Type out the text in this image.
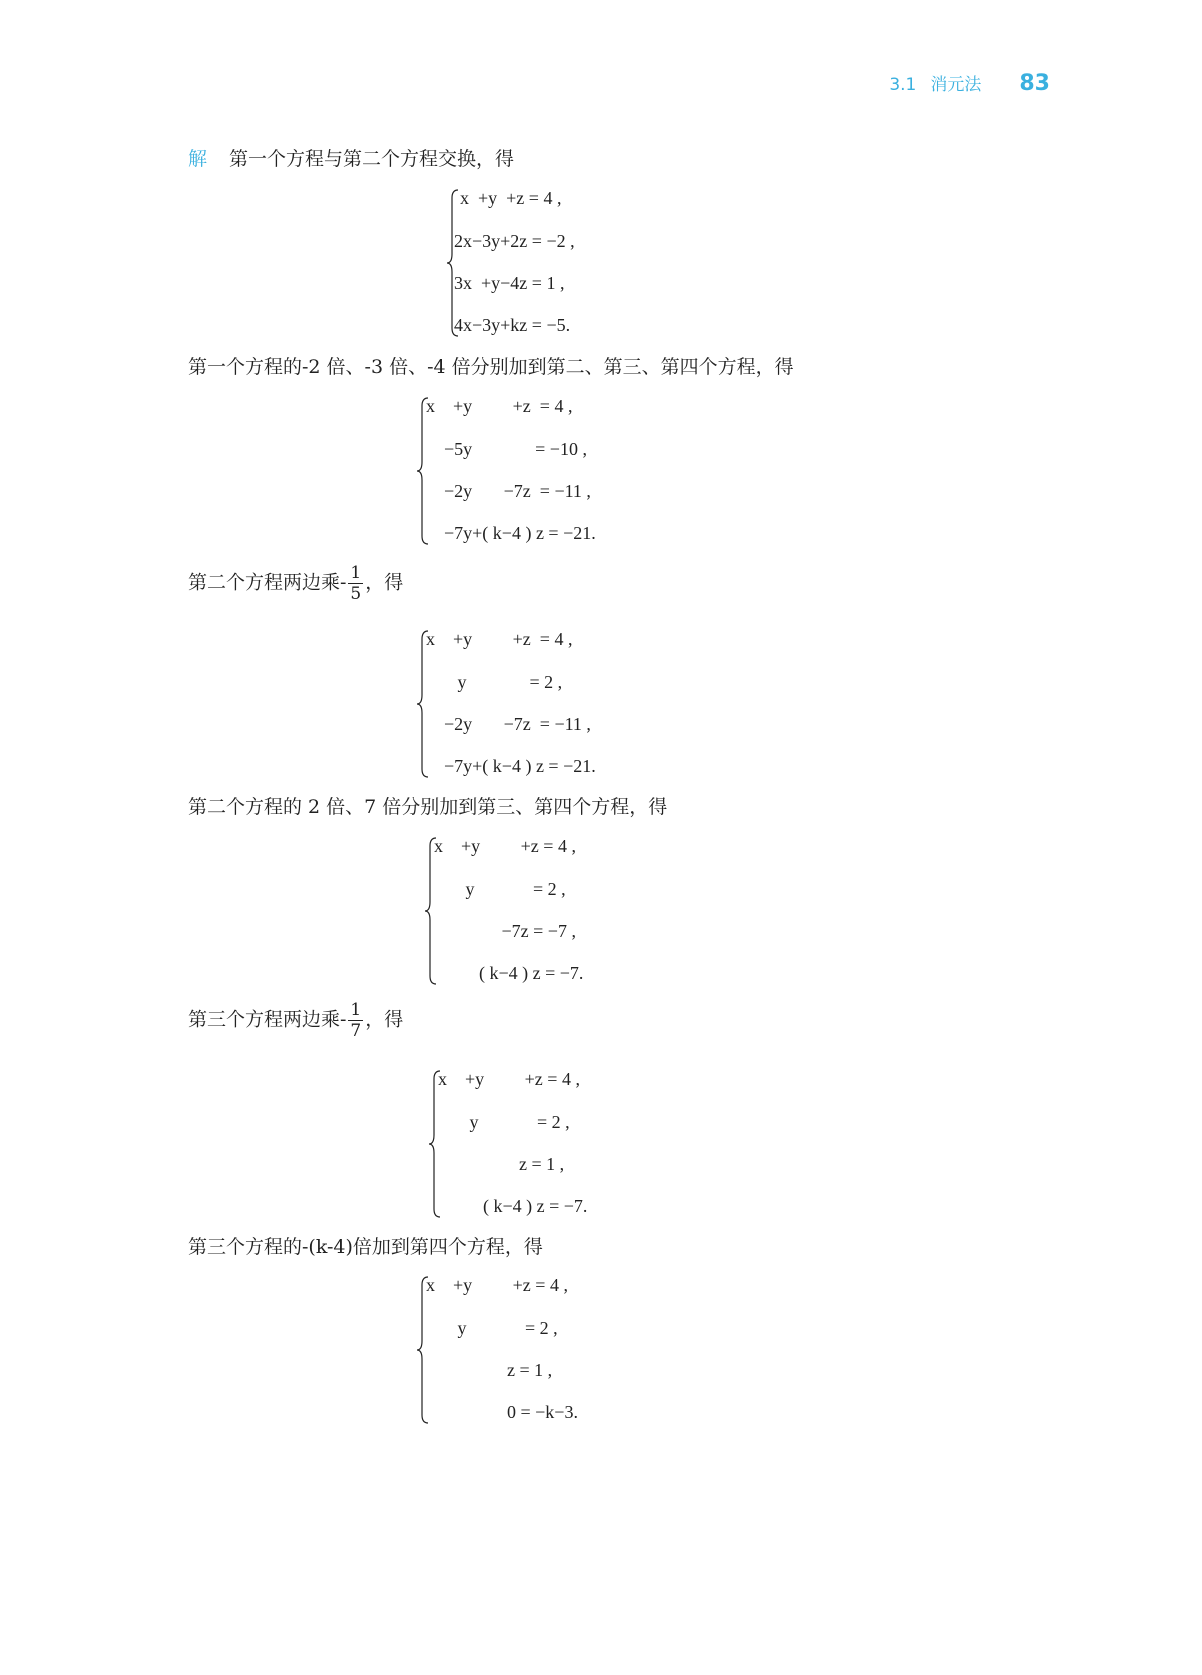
3.1 消元法 83
解 第一个方程与第二个方程交换，得
x  +y  +z = 4 ,
2x−3y+2z = −2 ,
3x  +y−4z = 1 ,
4x−3y+kz = −5.
第一个方程的-2 倍、-3 倍、-4 倍分别加到第二、第三、第四个方程，得
x    +y         +z  = 4 ,
−5y              = −10 ,
−2y       −7z  = −11 ,
−7y+( k−4 ) z = −21.
第二个方程两边乘- $\frac{1}{5}$ ，得
x    +y         +z  = 4 ,
y              = 2 ,
−2y       −7z  = −11 ,
−7y+( k−4 ) z = −21.
第二个方程的 2 倍、7 倍分别加到第三、第四个方程，得
x    +y         +z = 4 ,
y             = 2 ,
−7z = −7 ,
( k−4 ) z = −7.
第三个方程两边乘- $\frac{1}{7}$ ，得
x    +y         +z = 4 ,
y             = 2 ,
z = 1 ,
( k−4 ) z = −7.
第三个方程的-(k-4)倍加到第四个方程，得
x    +y         +z = 4 ,
y             = 2 ,
z = 1 ,
0 = −k−3.
